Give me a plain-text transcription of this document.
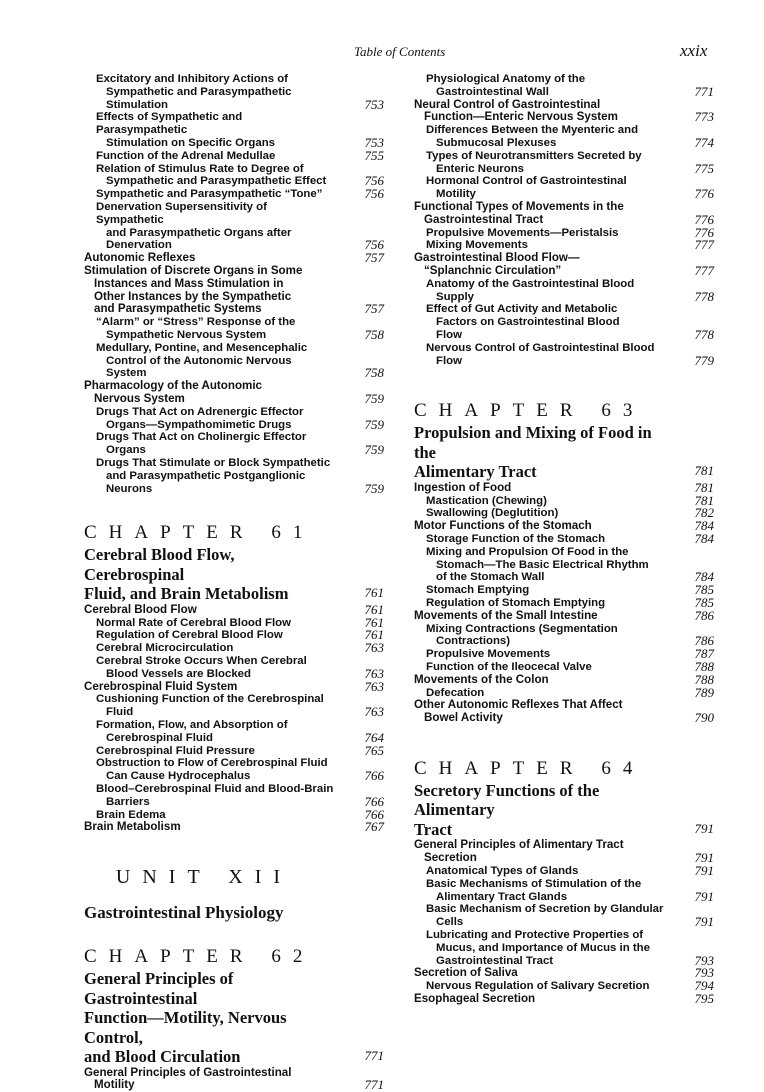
Table of Contents	xxix
Excitatory and Inhibitory Actions of
Sympathetic and Parasympathetic
Stimulation	753
Effects of Sympathetic and Parasympathetic
Stimulation on Specific Organs	753
Function of the Adrenal Medullae	755
Relation of Stimulus Rate to Degree of
Sympathetic and Parasympathetic Effect	756
Sympathetic and Parasympathetic “Tone”	756
Denervation Supersensitivity of Sympathetic
and Parasympathetic Organs after
Denervation	756
Autonomic Reflexes	757
Stimulation of Discrete Organs in Some
Instances and Mass Stimulation in
Other Instances by the Sympathetic
and Parasympathetic Systems	757
“Alarm” or “Stress” Response of the
Sympathetic Nervous System	758
Medullary, Pontine, and Mesencephalic
Control of the Autonomic Nervous
System	758
Pharmacology of the Autonomic
Nervous System	759
Drugs That Act on Adrenergic Effector
Organs—Sympathomimetic Drugs	759
Drugs That Act on Cholinergic Effector
Organs	759
Drugs That Stimulate or Block Sympathetic
and Parasympathetic Postganglionic
Neurons	759
CHAPTER 61
Cerebral Blood Flow, Cerebrospinal
Fluid, and Brain Metabolism	761
Cerebral Blood Flow	761
Normal Rate of Cerebral Blood Flow	761
Regulation of Cerebral Blood Flow	761
Cerebral Microcirculation	763
Cerebral Stroke Occurs When Cerebral
Blood Vessels are Blocked	763
Cerebrospinal Fluid System	763
Cushioning Function of the Cerebrospinal
Fluid	763
Formation, Flow, and Absorption of
Cerebrospinal Fluid	764
Cerebrospinal Fluid Pressure	765
Obstruction to Flow of Cerebrospinal Fluid
Can Cause Hydrocephalus	766
Blood–Cerebrospinal Fluid and Blood-Brain
Barriers	766
Brain Edema	766
Brain Metabolism	767
UNIT XII
Gastrointestinal Physiology
CHAPTER 62
General Principles of Gastrointestinal
Function—Motility, Nervous Control,
and Blood Circulation	771
General Principles of Gastrointestinal
Motility	771
Physiological Anatomy of the
Gastrointestinal Wall	771
Neural Control of Gastrointestinal
Function—Enteric Nervous System	773
Differences Between the Myenteric and
Submucosal Plexuses	774
Types of Neurotransmitters Secreted by
Enteric Neurons	775
Hormonal Control of Gastrointestinal
Motility	776
Functional Types of Movements in the
Gastrointestinal Tract	776
Propulsive Movements—Peristalsis	776
Mixing Movements	777
Gastrointestinal Blood Flow—
“Splanchnic Circulation”	777
Anatomy of the Gastrointestinal Blood
Supply	778
Effect of Gut Activity and Metabolic
Factors on Gastrointestinal Blood
Flow	778
Nervous Control of Gastrointestinal Blood
Flow	779
CHAPTER 63
Propulsion and Mixing of Food in the
Alimentary Tract	781
Ingestion of Food	781
Mastication (Chewing)	781
Swallowing (Deglutition)	782
Motor Functions of the Stomach	784
Storage Function of the Stomach	784
Mixing and Propulsion Of Food in the
Stomach—The Basic Electrical Rhythm
of the Stomach Wall	784
Stomach Emptying	785
Regulation of Stomach Emptying	785
Movements of the Small Intestine	786
Mixing Contractions (Segmentation
Contractions)	786
Propulsive Movements	787
Function of the Ileocecal Valve	788
Movements of the Colon	788
Defecation	789
Other Autonomic Reflexes That Affect
Bowel Activity	790
CHAPTER 64
Secretory Functions of the Alimentary
Tract	791
General Principles of Alimentary Tract
Secretion	791
Anatomical Types of Glands	791
Basic Mechanisms of Stimulation of the
Alimentary Tract Glands	791
Basic Mechanism of Secretion by Glandular
Cells	791
Lubricating and Protective Properties of
Mucus, and Importance of Mucus in the
Gastrointestinal Tract	793
Secretion of Saliva	793
Nervous Regulation of Salivary Secretion	794
Esophageal Secretion	795
